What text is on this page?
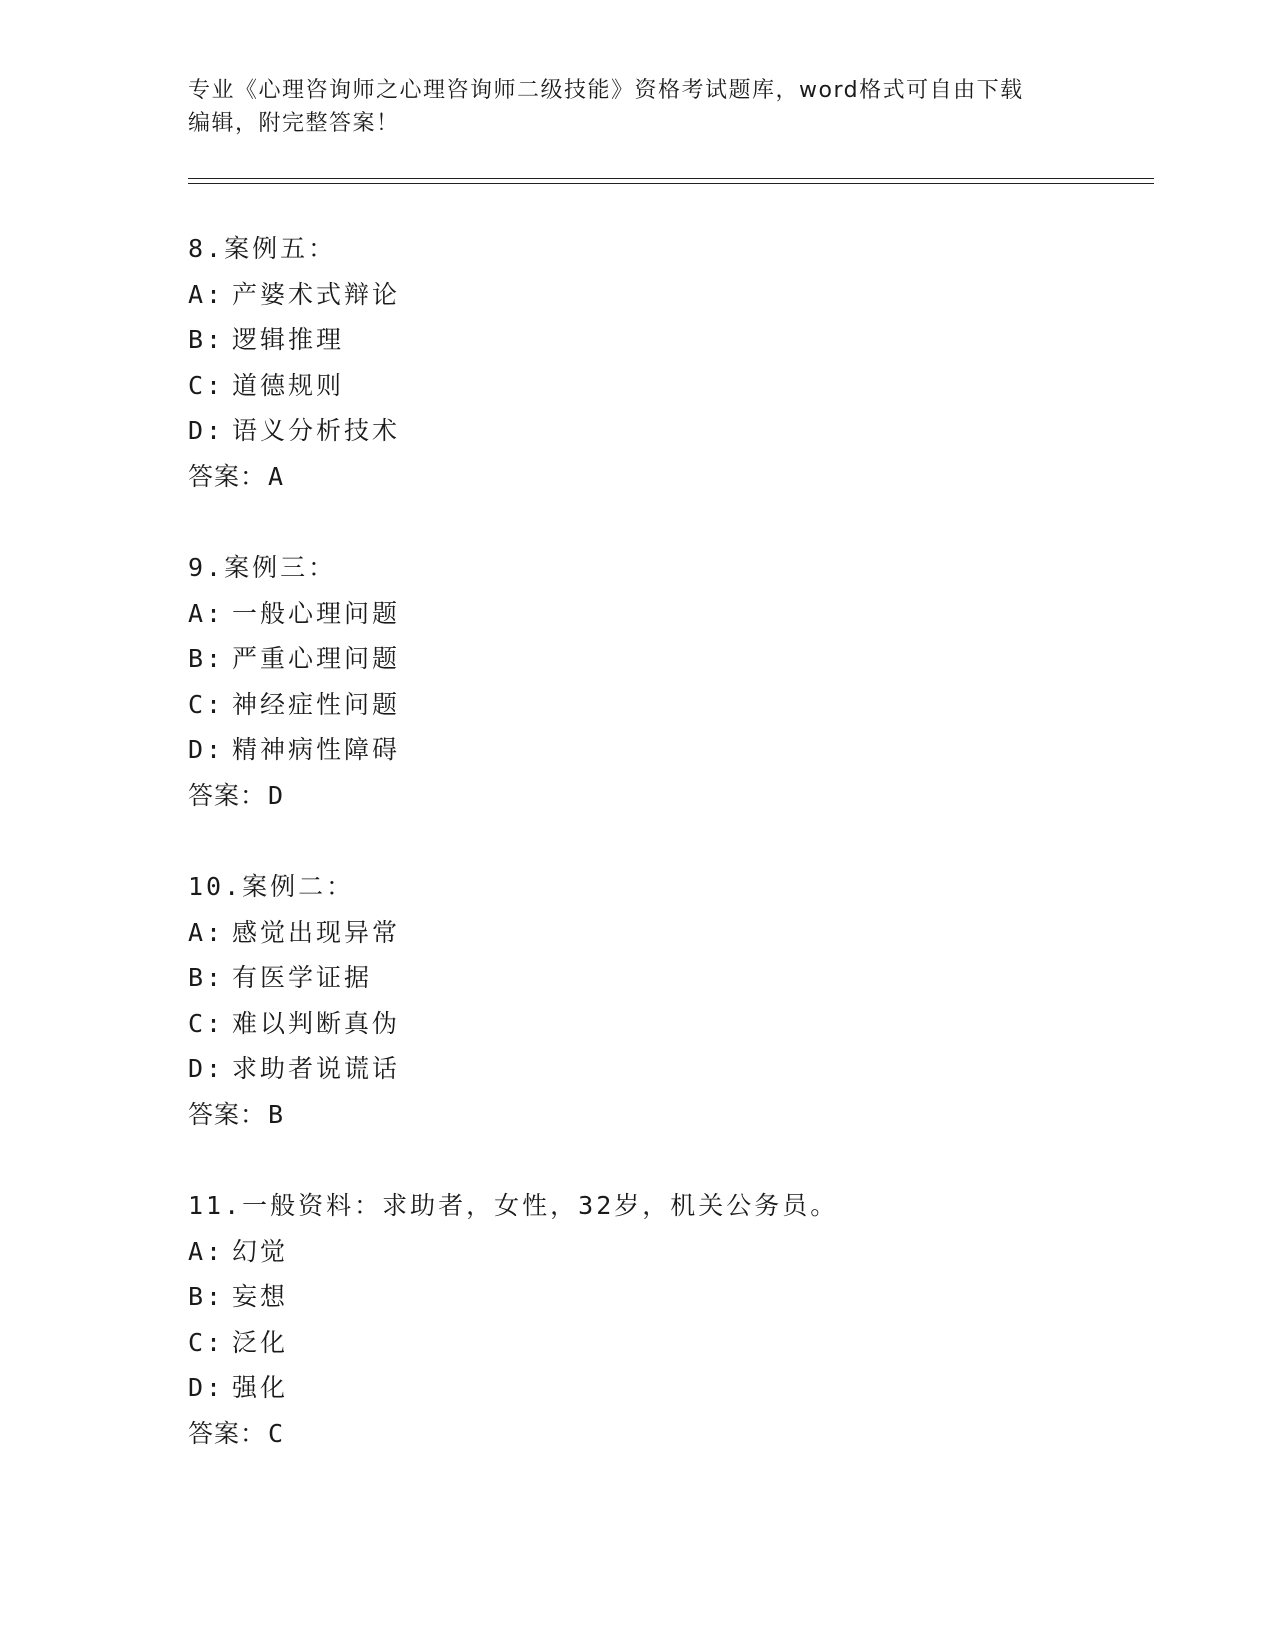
专业《心理咨询师之心理咨询师二级技能》资格考试题库，word格式可自由下载
编辑，附完整答案！
8.案例五：
A: 产婆术式辩论
B: 逻辑推理
C: 道德规则
D: 语义分析技术
答案：A
9.案例三：
A: 一般心理问题
B: 严重心理问题
C: 神经症性问题
D: 精神病性障碍
答案：D
10.案例二：
A: 感觉出现异常
B: 有医学证据
C: 难以判断真伪
D: 求助者说谎话
答案：B
11.一般资料：求助者，女性，32岁，机关公务员。
A: 幻觉
B: 妄想
C: 泛化
D: 强化
答案：C
